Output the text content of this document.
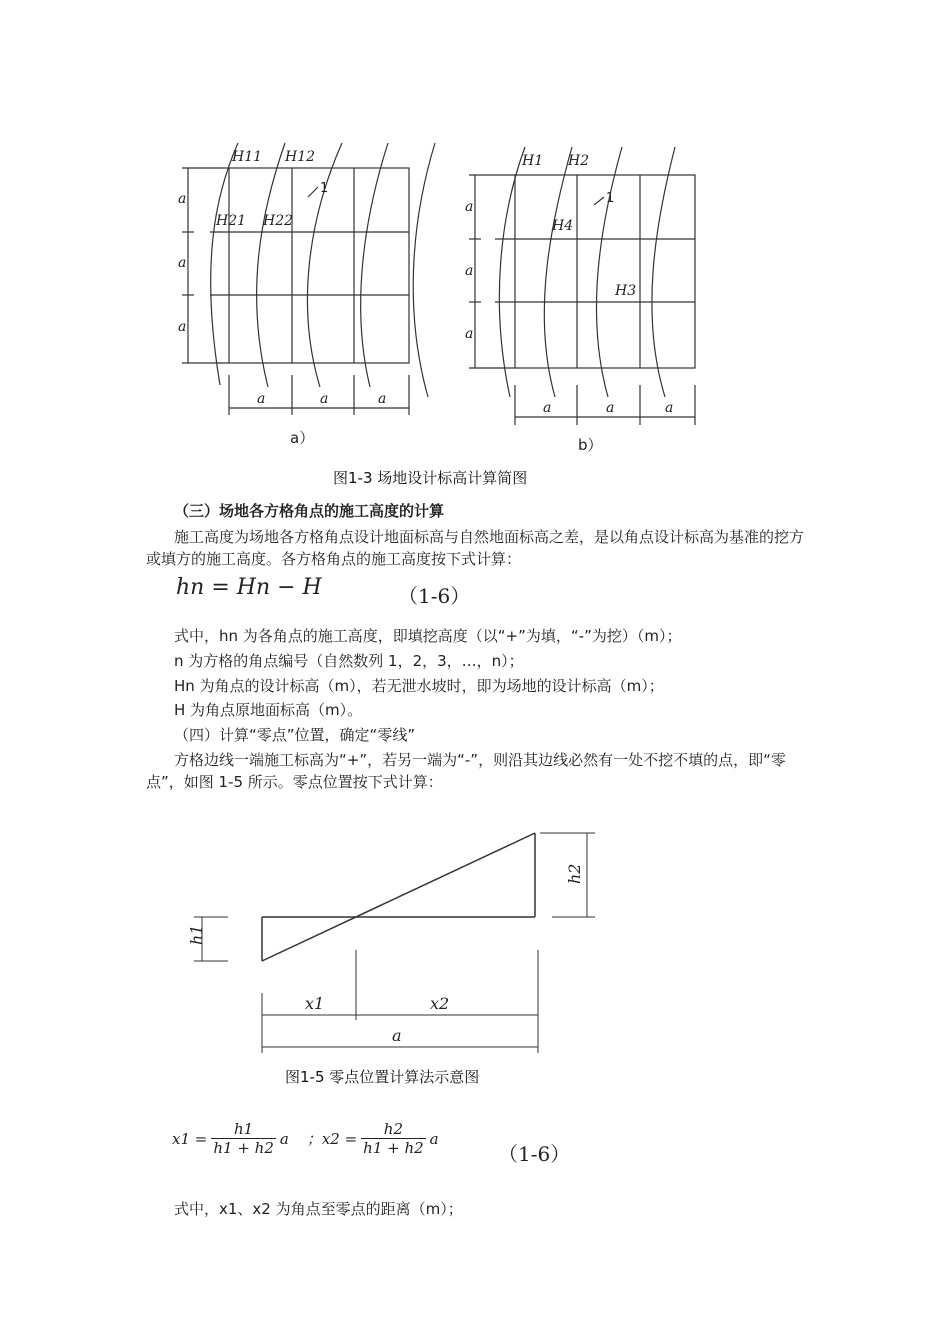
H11 H12
H21 H22
1
a
a
a
a	a	a
a）
H1 H2
H4
H3
1
a
a
a
a	a	a
b）
图1-3 场地设计标高计算简图
（三）场地各方格角点的施工高度的计算
施工高度为场地各方格角点设计地面标高与自然地面标高之差，是以角点设计标高为基准的挖方或填方的施工高度。各方格角点的施工高度按下式计算：
hn = Hn − H	（1-6）
式中，hn 为各角点的施工高度，即填挖高度（以“+”为填，“-”为挖）（m）；
n 为方格的角点编号（自然数列 1，2，3，…，n）；
Hn 为角点的设计标高（m），若无泄水坡时，即为场地的设计标高（m）；
H 为角点原地面标高（m）。
（四）计算“零点”位置，确定“零线”
方格边线一端施工标高为“+”，若另一端为“-”，则沿其边线必然有一处不挖不填的点，即“零点”，如图 1-5 所示。零点位置按下式计算：
h1
h2
x1	x2
a
图1-5 零点位置计算法示意图
$x1 = \frac{h1}{h1 + h2}$ a ；$x2 = \frac{h2}{h1 + h2}$ a
（1-6）
式中，x1、x2 为角点至零点的距离（m）；
